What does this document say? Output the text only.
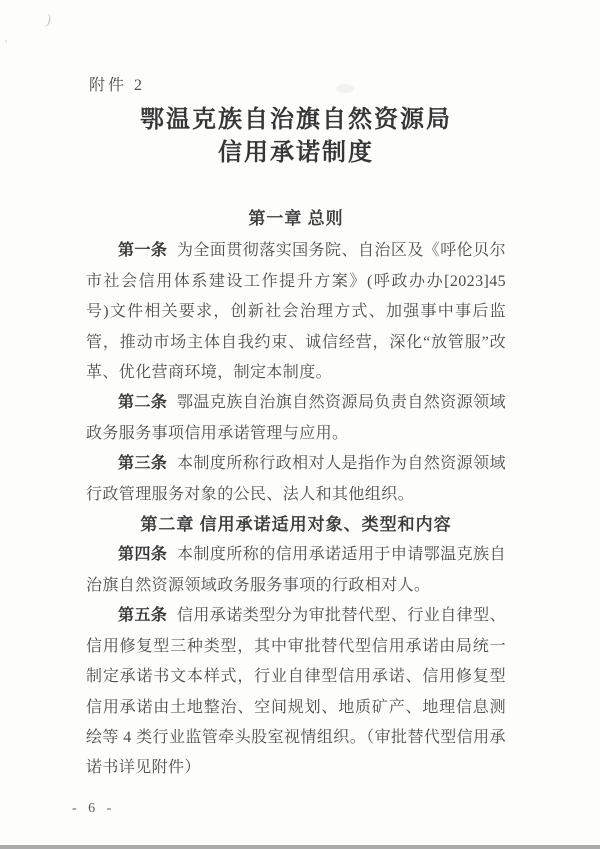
)
’
附件 2
鄂温克族自治旗自然资源局
信用承诺制度
第一章 总则

第一条 为全面贯彻落实国务院、自治区及《呼伦贝尔市社会信用体系建设工作提升方案》(呼政办办[2023]45 号)文件相关要求，创新社会治理方式、加强事中事后监管，推动市场主体自我约束、诚信经营，深化“放管服”改革、优化营商环境，制定本制度。

第二条 鄂温克族自治旗自然资源局负责自然资源领域政务服务事项信用承诺管理与应用。

第三条 本制度所称行政相对人是指作为自然资源领域行政管理服务对象的公民、法人和其他组织。

第二章 信用承诺适用对象、类型和内容

第四条 本制度所称的信用承诺适用于申请鄂温克族自治旗自然资源领域政务服务事项的行政相对人。

第五条 信用承诺类型分为审批替代型、行业自律型、信用修复型三种类型，其中审批替代型信用承诺由局统一制定承诺书文本样式，行业自律型信用承诺、信用修复型信用承诺由土地整治、空间规划、地质矿产、地理信息测绘等 4 类行业监管牵头股室视情组织。（审批替代型信用承诺书详见附件）

- 6 -
